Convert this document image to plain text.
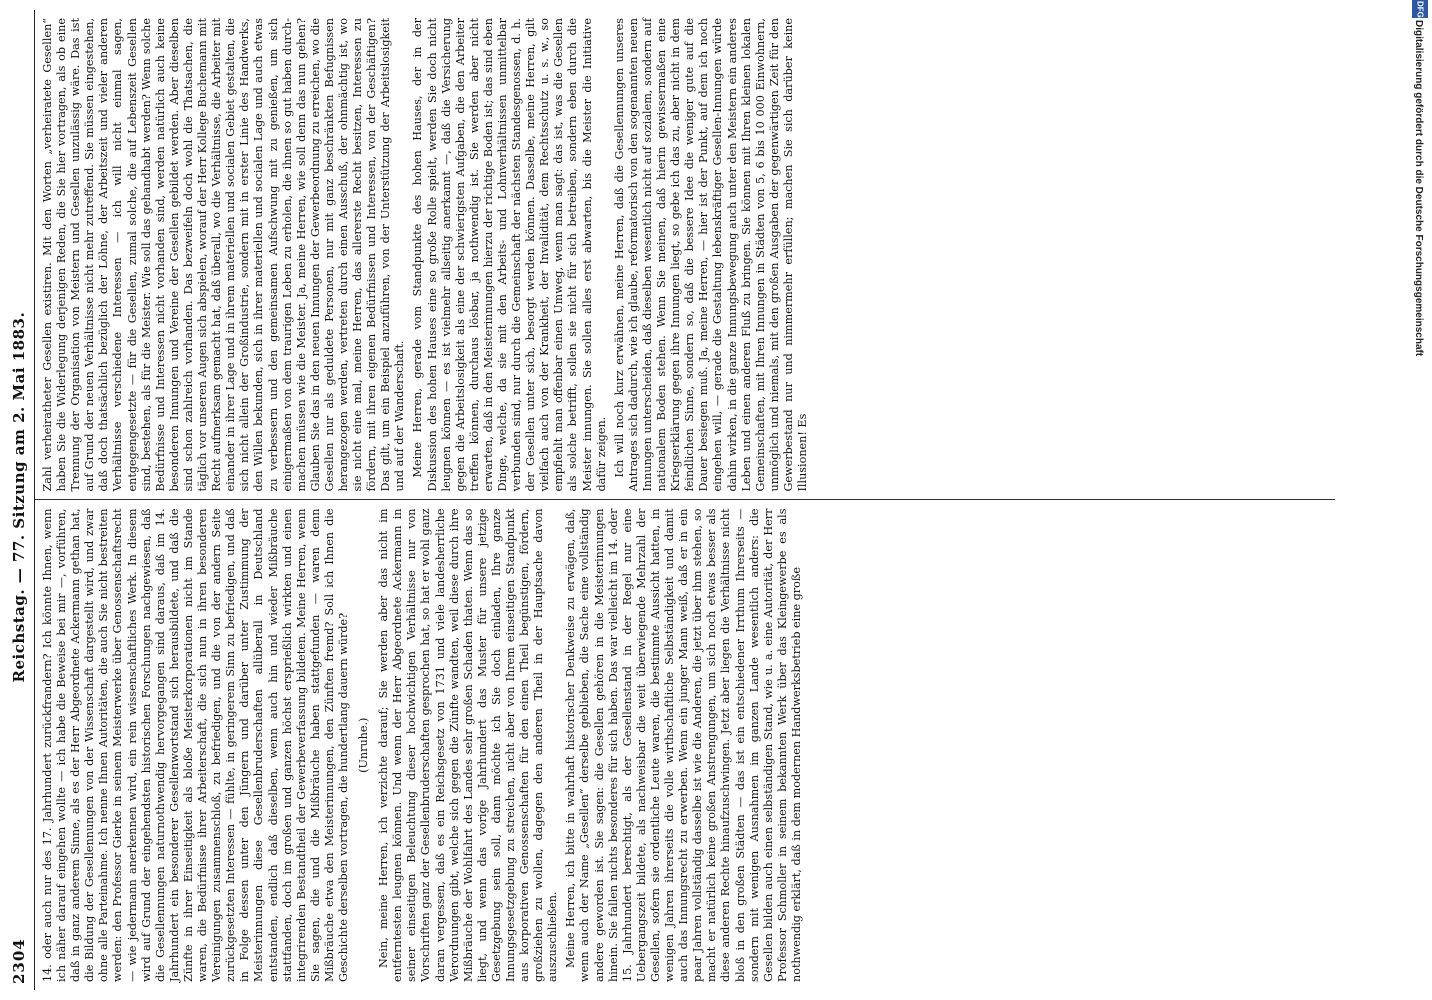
2304
Reichstag. — 77. Sitzung am 2. Mai 1883.

14. oder auch nur des 17. Jahrhundert zurückfrandern? Ich könnte Ihnen, wenn ich näher darauf eingehen wollte — ich habe die Beweise bei mir —, vorführen, daß in ganz anderem Sinne, als es der Herr Abgeordnete Ackermann gethan hat, die Bildung der Gesellennungen von der Wissenschaft dargestellt wird, und zwar ohne alle Parteinahme. Ich nenne Ihnen Autoritäten, die auch Sie nicht bestreiten werden: den Professor Gierke in seinem Meisterwerke über Genossenschaftsrecht — wie jedermann anerkennen wird, ein rein wissenschaftliches Werk. In diesem wird auf Grund der eingehendsten historischen Forschungen nachgewiesen, daß die Gesellennungen naturnothwendig hervorgegangen sind daraus, daß im 14. Jahrhundert ein besonderer Gesellenwortstand sich herausbildete, und daß die Zünfte in ihrer Einseitigkeit als bloße Meisterkorporationen nicht im Stande waren, die Bedürfnisse ihrer Arbeiterschaft, die sich nun in ihren besonderen Vereinigungen zusammenschloß, zu befriedigen, und die von der andern Seite zurückgesetzten Interessen — fühlte, in geringerem Sinn zu befriedigen, und daß in Folge dessen unter den Jüngern und darüber unter Zustimmung der Meisterinnungen diese Gesellenbruderschaften allüberall in Deutschland entstanden, endlich daß dieselben, wenn auch hin und wieder Mißbräuche stattfanden, doch im großen und ganzen höchst ersprießlich wirkten und einen integrirenden Bestandtheil der Gewerbeverfassung bildeten. Meine Herren, wenn Sie sagen, die und die Mißbräuche haben stattgefunden — waren denn Mißbräuche etwa den Meisterinnungen, den Zünften fremd? Soll ich Ihnen die Geschichte derselben vortragen, die hundertlang dauern würde? (Unruhe.) Nein, meine Herren, ich verzichte darauf; Sie werden aber das nicht im entferntesten leugnen können. Und wenn der Herr Abgeordnete Ackermann in seiner einseitigen Beleuchtung dieser hochwichtigen Verhältnisse nur von Vorschriften ganz der Gesellenbruderschaften gesprochen hat, so hat er wohl ganz daran vergessen, daß es ein Reichsgesetz von 1731 und viele landesherrliche Verordnungen gibt, welche sich gegen die Zünfte wandten, weil diese durch ihre Mißbräuche der Wohlfahrt des Landes sehr großen Schaden thaten. Wenn das so liegt, und wenn das vorige Jahrhundert das Muster für unsere jetzige Gesetzgebung sein soll, dann möchte ich Sie doch einladen, Ihre ganze Innungsgesetzgebung zu streichen, nicht aber von Ihrem einseitigen Standpunkt aus korporativen Genossenschaften für den einen Theil begünstigen, fördern, großziehen zu wollen, dagegen den anderen Theil in der Hauptsache davon auszuschließen. Meine Herren, ich bitte in wahrhaft historischer Denkweise zu erwägen, daß, wenn auch der Name „Gesellen“ derselbe geblieben, die Sache eine vollständig andere geworden ist. Sie sagen: die Gesellen gehören in die Meisterinnungen hinein. Sie fallen nichts besonderes für sich haben. Das war vielleicht im 14. oder 15. Jahrhundert berechtigt, als der Gesellenstand in der Regel nur eine Uebergangszeit bildete, als nachweisbar die weit überwiegende Mehrzahl der Gesellen, sofern sie ordentliche Leute waren, die bestimmte Aussicht hatten, in wenigen Jahren ihrerseits die volle wirthschaftliche Selbständigkeit und damit auch das Innungsrecht zu erwerben. Wenn ein junger Mann weiß, daß er in ein paar Jahren vollständig dasselbe ist wie die Anderen, die jetzt über ihm stehen, so macht er natürlich keine großen Anstrengungen, um sich noch etwas besser als diese anderen Rechte hinaufzuschwingen. Jetzt aber liegen die Verhältnisse nicht bloß in den großen Städten — das ist ein entschiedener Irrthum Ihrerseits — sondern mit wenigen Ausnahmen im ganzen Lande wesentlich anders: die Gesellen bilden auch einen selbständigen Stand, wie u. a. eine Autorität, der Herr Professor Schmoller in seinem bekannten Werk über das Kleingewerbe es als nothwendig erklärt, daß in dem modernen Handwerksbetrieb eine große

Zahl verheiratheter Gesellen existiren. Mit den Worten „verheiratete Gesellen“ haben Sie die Widerlegung derjenigen Reden, die Sie hier vortragen, als ob eine Trennung der Organisation von Meistern und Gesellen unzulässig wäre. Das ist auf Grund der neuen Verhältnisse nicht mehr zutreffend. Sie müssen eingestehen, daß doch thatsächlich bezüglich der Löhne, der Arbeitszeit und vieler anderen Verhältnisse verschiedene Interessen — ich will nicht einmal sagen, entgegengesetzte — für die Gesellen, zumal solche, die auf Lebenszeit Gesellen sind, bestehen, als für die Meister. Wie soll das gehandhabt werden? Wenn solche Bedürfnisse und Interessen nicht vorhanden sind, werden natürlich auch keine besonderen Innungen und Vereine der Gesellen gebildet werden. Aber dieselben sind schon zahlreich vorhanden. Das bezweifeln doch wohl die Thatsachen, die täglich vor unseren Augen sich abspielen, worauf der Herr Kollege Buchemann mit Recht aufmerksam gemacht hat, daß überall, wo die Verhältnisse, die Arbeiter mit einander in ihrer Lage und in ihrem materiellen und socialen Gebiet gestalten, die sich nicht allein der Großindustrie, sondern mit in erster Linie des Handwerks, den Willen bekunden, sich in ihrer materiellen und socialen Lage und auch etwas zu verbessern und den gemeinsamen Aufschwung mit zu genießen, um sich einigermaßen von dem traurigen Leben zu erholen, die ihnen so gut haben durch-machen müssen wie die Meister. Ja, meine Herren, wie soll denn das nun gehen? Glauben Sie das in den neuen Innungen der Gewerbeordnung zu erreichen, wo die Gesellen nur als geduldete Personen, nur mit ganz beschränkten Befugnissen herangezogen werden, vertreten durch einen Ausschuß, der ohnmächtig ist, wo sie nicht eine mal, meine Herren, das allererste Recht besitzen, Interessen zu fördern, mit ihren eigenen Bedürfnissen und Interessen, von der Geschäftigen? Das gilt, um ein Beispiel anzuführen, von der Unterstützung der Arbeitslosigkeit und auf der Wanderschaft. Meine Herren, gerade vom Standpunkte des hohen Hauses, der in der Diskussion des hohen Hauses eine so große Rolle spielt, werden Sie doch nicht leugnen können — es ist vielmehr allseitig anerkannt —, daß die Versicherung gegen die Arbeitslosigkeit als eine der schwierigsten Aufgaben, die den Arbeiter treffen können, durchaus lösbar, ja nothwendig ist. Sie werden aber nicht erwarten, daß in den Meisterinnungen hierzu der richtige Boden ist; das sind eben Dinge, welche, da sie mit den Arbeits- und Lohnverhältnissen unmittelbar verbunden sind, nur durch die Gemeinschaft der nächsten Standesgenossen, d. h. der Gesellen unter sich, besorgt werden können. Dasselbe, meine Herren, gilt vielfach auch von der Krankheit, der Invalidität, dem Rechtsschutz u. s. w., so empfiehlt man offenbar einen Umweg, wenn man sagt: das ist, was die Gesellen als solche betrifft, sollen sie nicht für sich betreiben, sondern eben durch die Meister innungen. Sie sollen alles erst abwarten, bis die Meister die Initiative dafür zeigen. Ich will noch kurz erwähnen, meine Herren, daß die Gesellennungen unseres Antrages sich dadurch, wie ich glaube, reformatorisch von den sogenannten neuen Innungen unterscheiden, daß dieselben wesentlich nicht auf sozialem, sondern auf nationalem Boden stehen. Wenn Sie meinen, daß hierin gewissermaßen eine Kriegserklärung gegen ihre Innungen liegt, so gebe ich das zu, aber nicht in dem feindlichen Sinne, sondern so, daß die bessere Idee die weniger gute auf die Dauer besiegen muß. Ja, meine Herren, — hier ist der Punkt, auf dem ich noch eingehen will, — gerade die Gestaltung lebenskräftiger Gesellen-Innungen würde dahin wirken, in die ganze Innungsbewegung auch unter den Meistern ein anderes Leben und einen anderen Fluß zu bringen. Sie können mit Ihren kleinen lokalen Gemeinschaften, mit Ihren Innungen in Städten von 5, 6 bis 10 000 Einwohnern, unmöglich und niemals, mit den großen Ausgaben der gegenwärtigen Zeit für den Gewerbestand nur und nimmermehr erfüllen; machen Sie sich darüber keine Illusionen! Es

DFG
Digitalisierung gefördert durch die Deutsche Forschungsgemeinschaft
